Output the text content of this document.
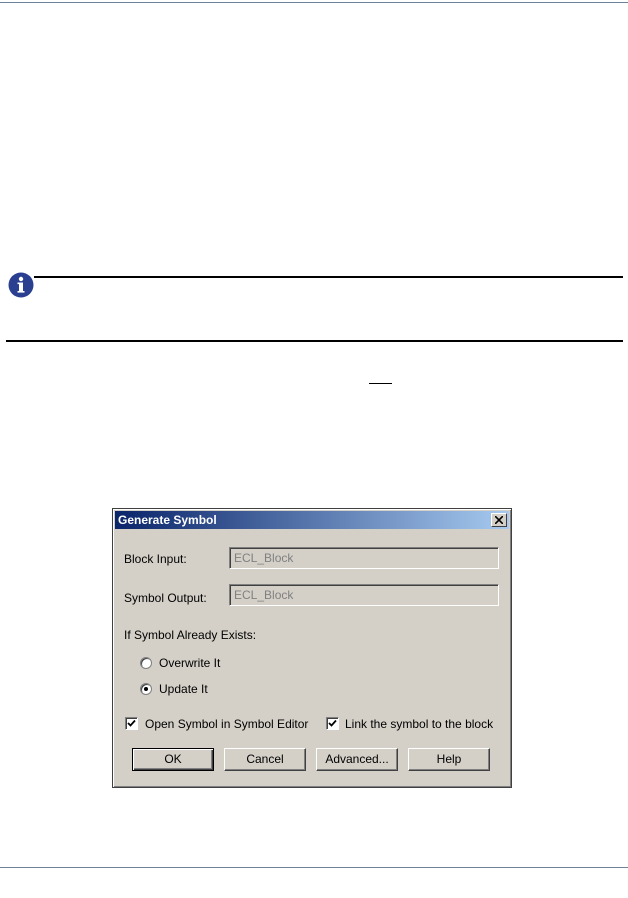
Generate Symbol
Block Input:	ECL_Block
Symbol Output: ECL_Block
If Symbol Already Exists:
Overwrite It
Update It
Open Symbol in Symbol Editor	Link the symbol to the block
OK	Cancel	Advanced...	Help
